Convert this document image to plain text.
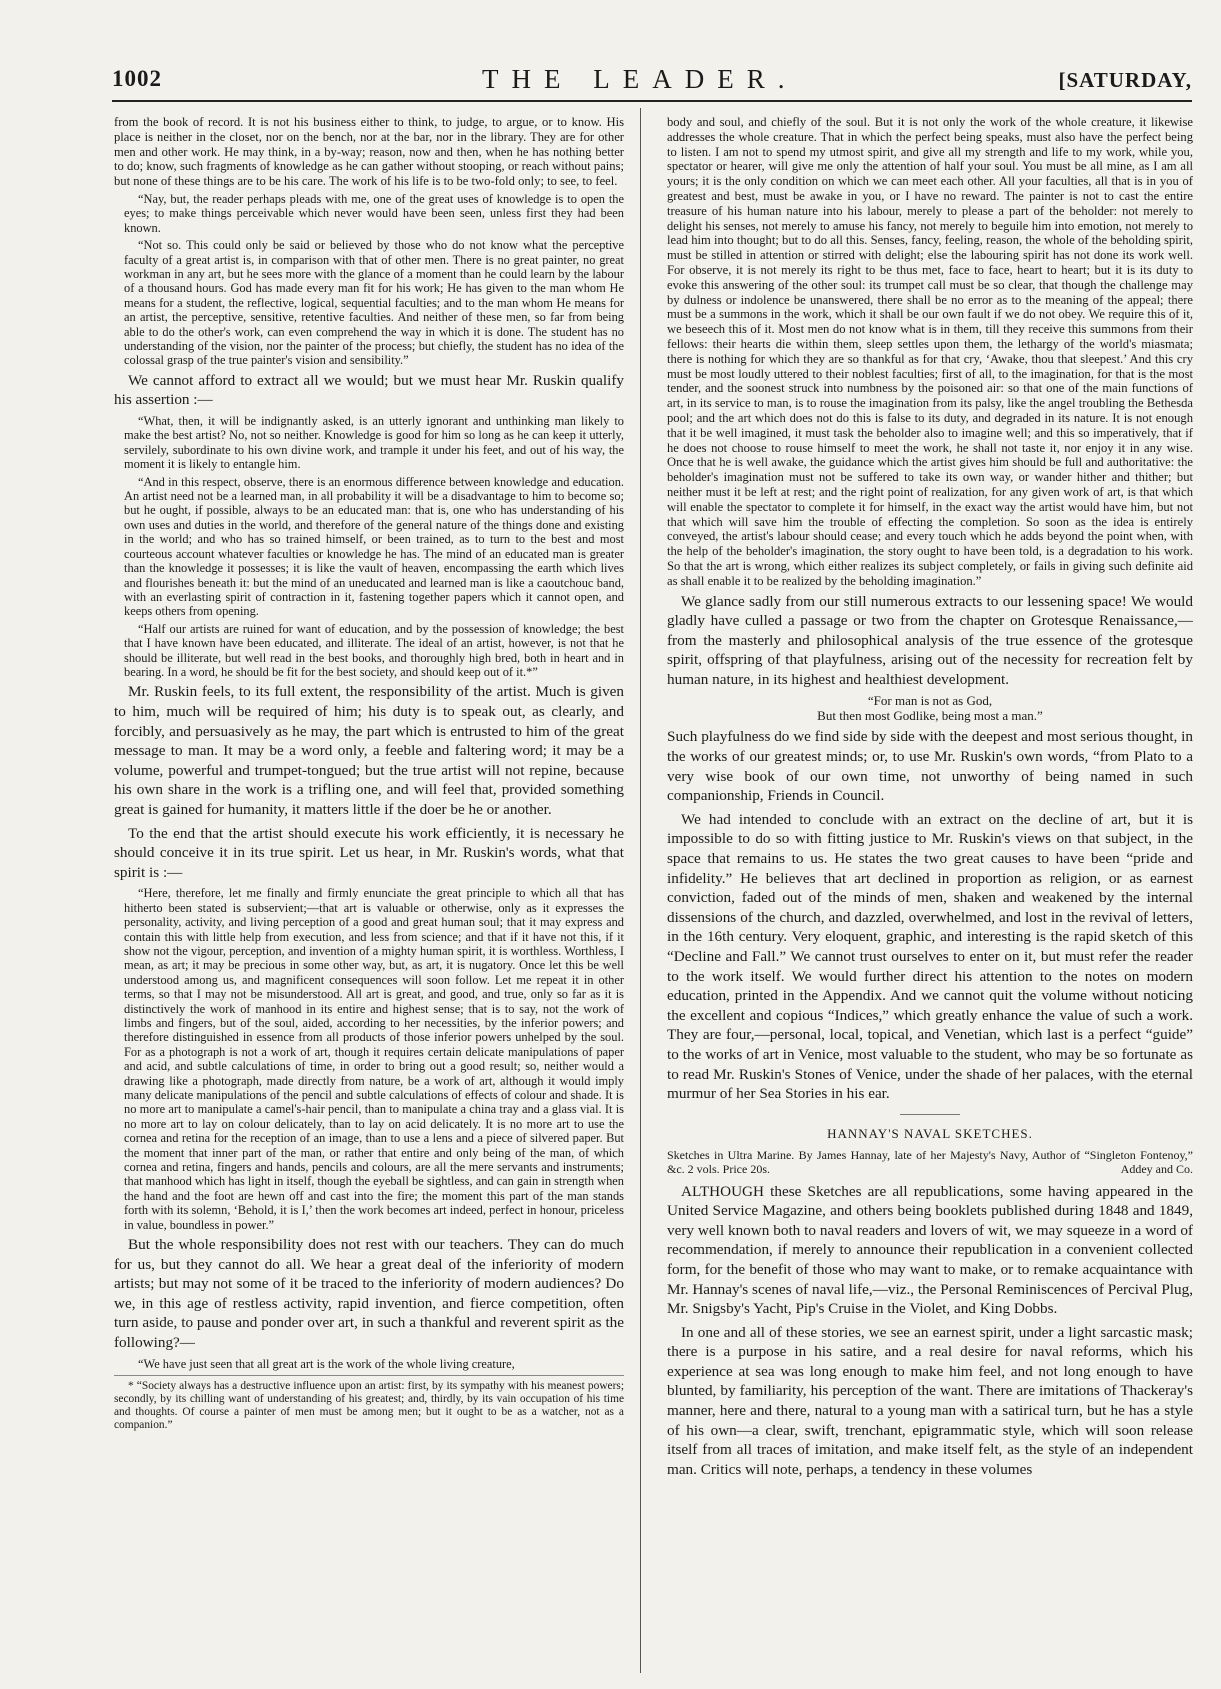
1002	THE LEADER.	[SATURDAY,

from the book of record. It is not his business either to think, to judge, to argue, or to know. His place is neither in the closet, nor on the bench, nor at the bar, nor in the library. They are for other men and other work. He may think, in a by-way; reason, now and then, when he has nothing better to do; know, such fragments of knowledge as he can gather without stooping, or reach without pains; but none of these things are to be his care. The work of his life is to be two-fold only; to see, to feel.

“Nay, but, the reader perhaps pleads with me, one of the great uses of knowledge is to open the eyes; to make things perceivable which never would have been seen, unless first they had been known.

“Not so. This could only be said or believed by those who do not know what the perceptive faculty of a great artist is, in comparison with that of other men. There is no great painter, no great workman in any art, but he sees more with the glance of a moment than he could learn by the labour of a thousand hours. God has made every man fit for his work; He has given to the man whom He means for a student, the reflective, logical, sequential faculties; and to the man whom He means for an artist, the perceptive, sensitive, retentive faculties. And neither of these men, so far from being able to do the other's work, can even comprehend the way in which it is done. The student has no understanding of the vision, nor the painter of the process; but chiefly, the student has no idea of the colossal grasp of the true painter's vision and sensibility.”

We cannot afford to extract all we would; but we must hear Mr. Ruskin qualify his assertion :—

“What, then, it will be indignantly asked, is an utterly ignorant and unthinking man likely to make the best artist? No, not so neither. Knowledge is good for him so long as he can keep it utterly, servilely, subordinate to his own divine work, and trample it under his feet, and out of his way, the moment it is likely to entangle him.

“And in this respect, observe, there is an enormous difference between knowledge and education. An artist need not be a learned man, in all probability it will be a disadvantage to him to become so; but he ought, if possible, always to be an educated man: that is, one who has understanding of his own uses and duties in the world, and therefore of the general nature of the things done and existing in the world; and who has so trained himself, or been trained, as to turn to the best and most courteous account whatever faculties or knowledge he has. The mind of an educated man is greater than the knowledge it possesses; it is like the vault of heaven, encompassing the earth which lives and flourishes beneath it: but the mind of an uneducated and learned man is like a caoutchouc band, with an everlasting spirit of contraction in it, fastening together papers which it cannot open, and keeps others from opening.

“Half our artists are ruined for want of education, and by the possession of knowledge; the best that I have known have been educated, and illiterate. The ideal of an artist, however, is not that he should be illiterate, but well read in the best books, and thoroughly high bred, both in heart and in bearing. In a word, he should be fit for the best society, and should keep out of it.*”

Mr. Ruskin feels, to its full extent, the responsibility of the artist. Much is given to him, much will be required of him; his duty is to speak out, as clearly, and forcibly, and persuasively as he may, the part which is entrusted to him of the great message to man. It may be a word only, a feeble and faltering word; it may be a volume, powerful and trumpet-tongued; but the true artist will not repine, because his own share in the work is a trifling one, and will feel that, provided something great is gained for humanity, it matters little if the doer be he or another.

To the end that the artist should execute his work efficiently, it is necessary he should conceive it in its true spirit. Let us hear, in Mr. Ruskin's words, what that spirit is :—

“Here, therefore, let me finally and firmly enunciate the great principle to which all that has hitherto been stated is subservient;—that art is valuable or otherwise, only as it expresses the personality, activity, and living perception of a good and great human soul; that it may express and contain this with little help from execution, and less from science; and that if it have not this, if it show not the vigour, perception, and invention of a mighty human spirit, it is worthless. Worthless, I mean, as art; it may be precious in some other way, but, as art, it is nugatory. Once let this be well understood among us, and magnificent consequences will soon follow. Let me repeat it in other terms, so that I may not be misunderstood. All art is great, and good, and true, only so far as it is distinctively the work of manhood in its entire and highest sense; that is to say, not the work of limbs and fingers, but of the soul, aided, according to her necessities, by the inferior powers; and therefore distinguished in essence from all products of those inferior powers unhelped by the soul. For as a photograph is not a work of art, though it requires certain delicate manipulations of paper and acid, and subtle calculations of time, in order to bring out a good result; so, neither would a drawing like a photograph, made directly from nature, be a work of art, although it would imply many delicate manipulations of the pencil and subtle calculations of effects of colour and shade. It is no more art to manipulate a camel's-hair pencil, than to manipulate a china tray and a glass vial. It is no more art to lay on colour delicately, than to lay on acid delicately. It is no more art to use the cornea and retina for the reception of an image, than to use a lens and a piece of silvered paper. But the moment that inner part of the man, or rather that entire and only being of the man, of which cornea and retina, fingers and hands, pencils and colours, are all the mere servants and instruments; that manhood which has light in itself, though the eyeball be sightless, and can gain in strength when the hand and the foot are hewn off and cast into the fire; the moment this part of the man stands forth with its solemn, ‘Behold, it is I,’ then the work becomes art indeed, perfect in honour, priceless in value, boundless in power.”

But the whole responsibility does not rest with our teachers. They can do much for us, but they cannot do all. We hear a great deal of the inferiority of modern artists; but may not some of it be traced to the inferiority of modern audiences? Do we, in this age of restless activity, rapid invention, and fierce competition, often turn aside, to pause and ponder over art, in such a thankful and reverent spirit as the following?—

“We have just seen that all great art is the work of the whole living creature,

* “Society always has a destructive influence upon an artist: first, by its sympathy with his meanest powers; secondly, by its chilling want of understanding of his greatest; and, thirdly, by its vain occupation of his time and thoughts. Of course a painter of men must be among men; but it ought to be as a watcher, not as a companion.”

body and soul, and chiefly of the soul. But it is not only the work of the whole creature, it likewise addresses the whole creature. That in which the perfect being speaks, must also have the perfect being to listen. I am not to spend my utmost spirit, and give all my strength and life to my work, while you, spectator or hearer, will give me only the attention of half your soul. You must be all mine, as I am all yours; it is the only condition on which we can meet each other. All your faculties, all that is in you of greatest and best, must be awake in you, or I have no reward. The painter is not to cast the entire treasure of his human nature into his labour, merely to please a part of the beholder: not merely to delight his senses, not merely to amuse his fancy, not merely to beguile him into emotion, not merely to lead him into thought; but to do all this. Senses, fancy, feeling, reason, the whole of the beholding spirit, must be stilled in attention or stirred with delight; else the labouring spirit has not done its work well. For observe, it is not merely its right to be thus met, face to face, heart to heart; but it is its duty to evoke this answering of the other soul: its trumpet call must be so clear, that though the challenge may by dulness or indolence be unanswered, there shall be no error as to the meaning of the appeal; there must be a summons in the work, which it shall be our own fault if we do not obey. We require this of it, we beseech this of it. Most men do not know what is in them, till they receive this summons from their fellows: their hearts die within them, sleep settles upon them, the lethargy of the world's miasmata; there is nothing for which they are so thankful as for that cry, ‘Awake, thou that sleepest.’ And this cry must be most loudly uttered to their noblest faculties; first of all, to the imagination, for that is the most tender, and the soonest struck into numbness by the poisoned air: so that one of the main functions of art, in its service to man, is to rouse the imagination from its palsy, like the angel troubling the Bethesda pool; and the art which does not do this is false to its duty, and degraded in its nature. It is not enough that it be well imagined, it must task the beholder also to imagine well; and this so imperatively, that if he does not choose to rouse himself to meet the work, he shall not taste it, nor enjoy it in any wise. Once that he is well awake, the guidance which the artist gives him should be full and authoritative: the beholder's imagination must not be suffered to take its own way, or wander hither and thither; but neither must it be left at rest; and the right point of realization, for any given work of art, is that which will enable the spectator to complete it for himself, in the exact way the artist would have him, but not that which will save him the trouble of effecting the completion. So soon as the idea is entirely conveyed, the artist's labour should cease; and every touch which he adds beyond the point when, with the help of the beholder's imagination, the story ought to have been told, is a degradation to his work. So that the art is wrong, which either realizes its subject completely, or fails in giving such definite aid as shall enable it to be realized by the beholding imagination.”

We glance sadly from our still numerous extracts to our lessening space! We would gladly have culled a passage or two from the chapter on Grotesque Renaissance,—from the masterly and philosophical analysis of the true essence of the grotesque spirit, offspring of that playfulness, arising out of the necessity for recreation felt by human nature, in its highest and healthiest development.

“For man is not as God,
But then most Godlike, being most a man.”

Such playfulness do we find side by side with the deepest and most serious thought, in the works of our greatest minds; or, to use Mr. Ruskin's own words, “from Plato to a very wise book of our own time, not unworthy of being named in such companionship, Friends in Council.

We had intended to conclude with an extract on the decline of art, but it is impossible to do so with fitting justice to Mr. Ruskin's views on that subject, in the space that remains to us. He states the two great causes to have been “pride and infidelity.” He believes that art declined in proportion as religion, or as earnest conviction, faded out of the minds of men, shaken and weakened by the internal dissensions of the church, and dazzled, overwhelmed, and lost in the revival of letters, in the 16th century. Very eloquent, graphic, and interesting is the rapid sketch of this “Decline and Fall.” We cannot trust ourselves to enter on it, but must refer the reader to the work itself. We would further direct his attention to the notes on modern education, printed in the Appendix. And we cannot quit the volume without noticing the excellent and copious “Indices,” which greatly enhance the value of such a work. They are four,—personal, local, topical, and Venetian, which last is a perfect “guide” to the works of art in Venice, most valuable to the student, who may be so fortunate as to read Mr. Ruskin's Stones of Venice, under the shade of her palaces, with the eternal murmur of her Sea Stories in his ear.

HANNAY'S NAVAL SKETCHES.
Sketches in Ultra Marine. By James Hannay, late of her Majesty's Navy, Author of “Singleton Fontenoy,” &c. 2 vols. Price 20s.	Addey and Co.

ALTHOUGH these Sketches are all republications, some having appeared in the United Service Magazine, and others being booklets published during 1848 and 1849, very well known both to naval readers and lovers of wit, we may squeeze in a word of recommendation, if merely to announce their republication in a convenient collected form, for the benefit of those who may want to make, or to remake acquaintance with Mr. Hannay's scenes of naval life,—viz., the Personal Reminiscences of Percival Plug, Mr. Snigsby's Yacht, Pip's Cruise in the Violet, and King Dobbs.

In one and all of these stories, we see an earnest spirit, under a light sarcastic mask; there is a purpose in his satire, and a real desire for naval reforms, which his experience at sea was long enough to make him feel, and not long enough to have blunted, by familiarity, his perception of the want. There are imitations of Thackeray's manner, here and there, natural to a young man with a satirical turn, but he has a style of his own—a clear, swift, trenchant, epigrammatic style, which will soon release itself from all traces of imitation, and make itself felt, as the style of an independent man. Critics will note, perhaps, a tendency in these volumes
